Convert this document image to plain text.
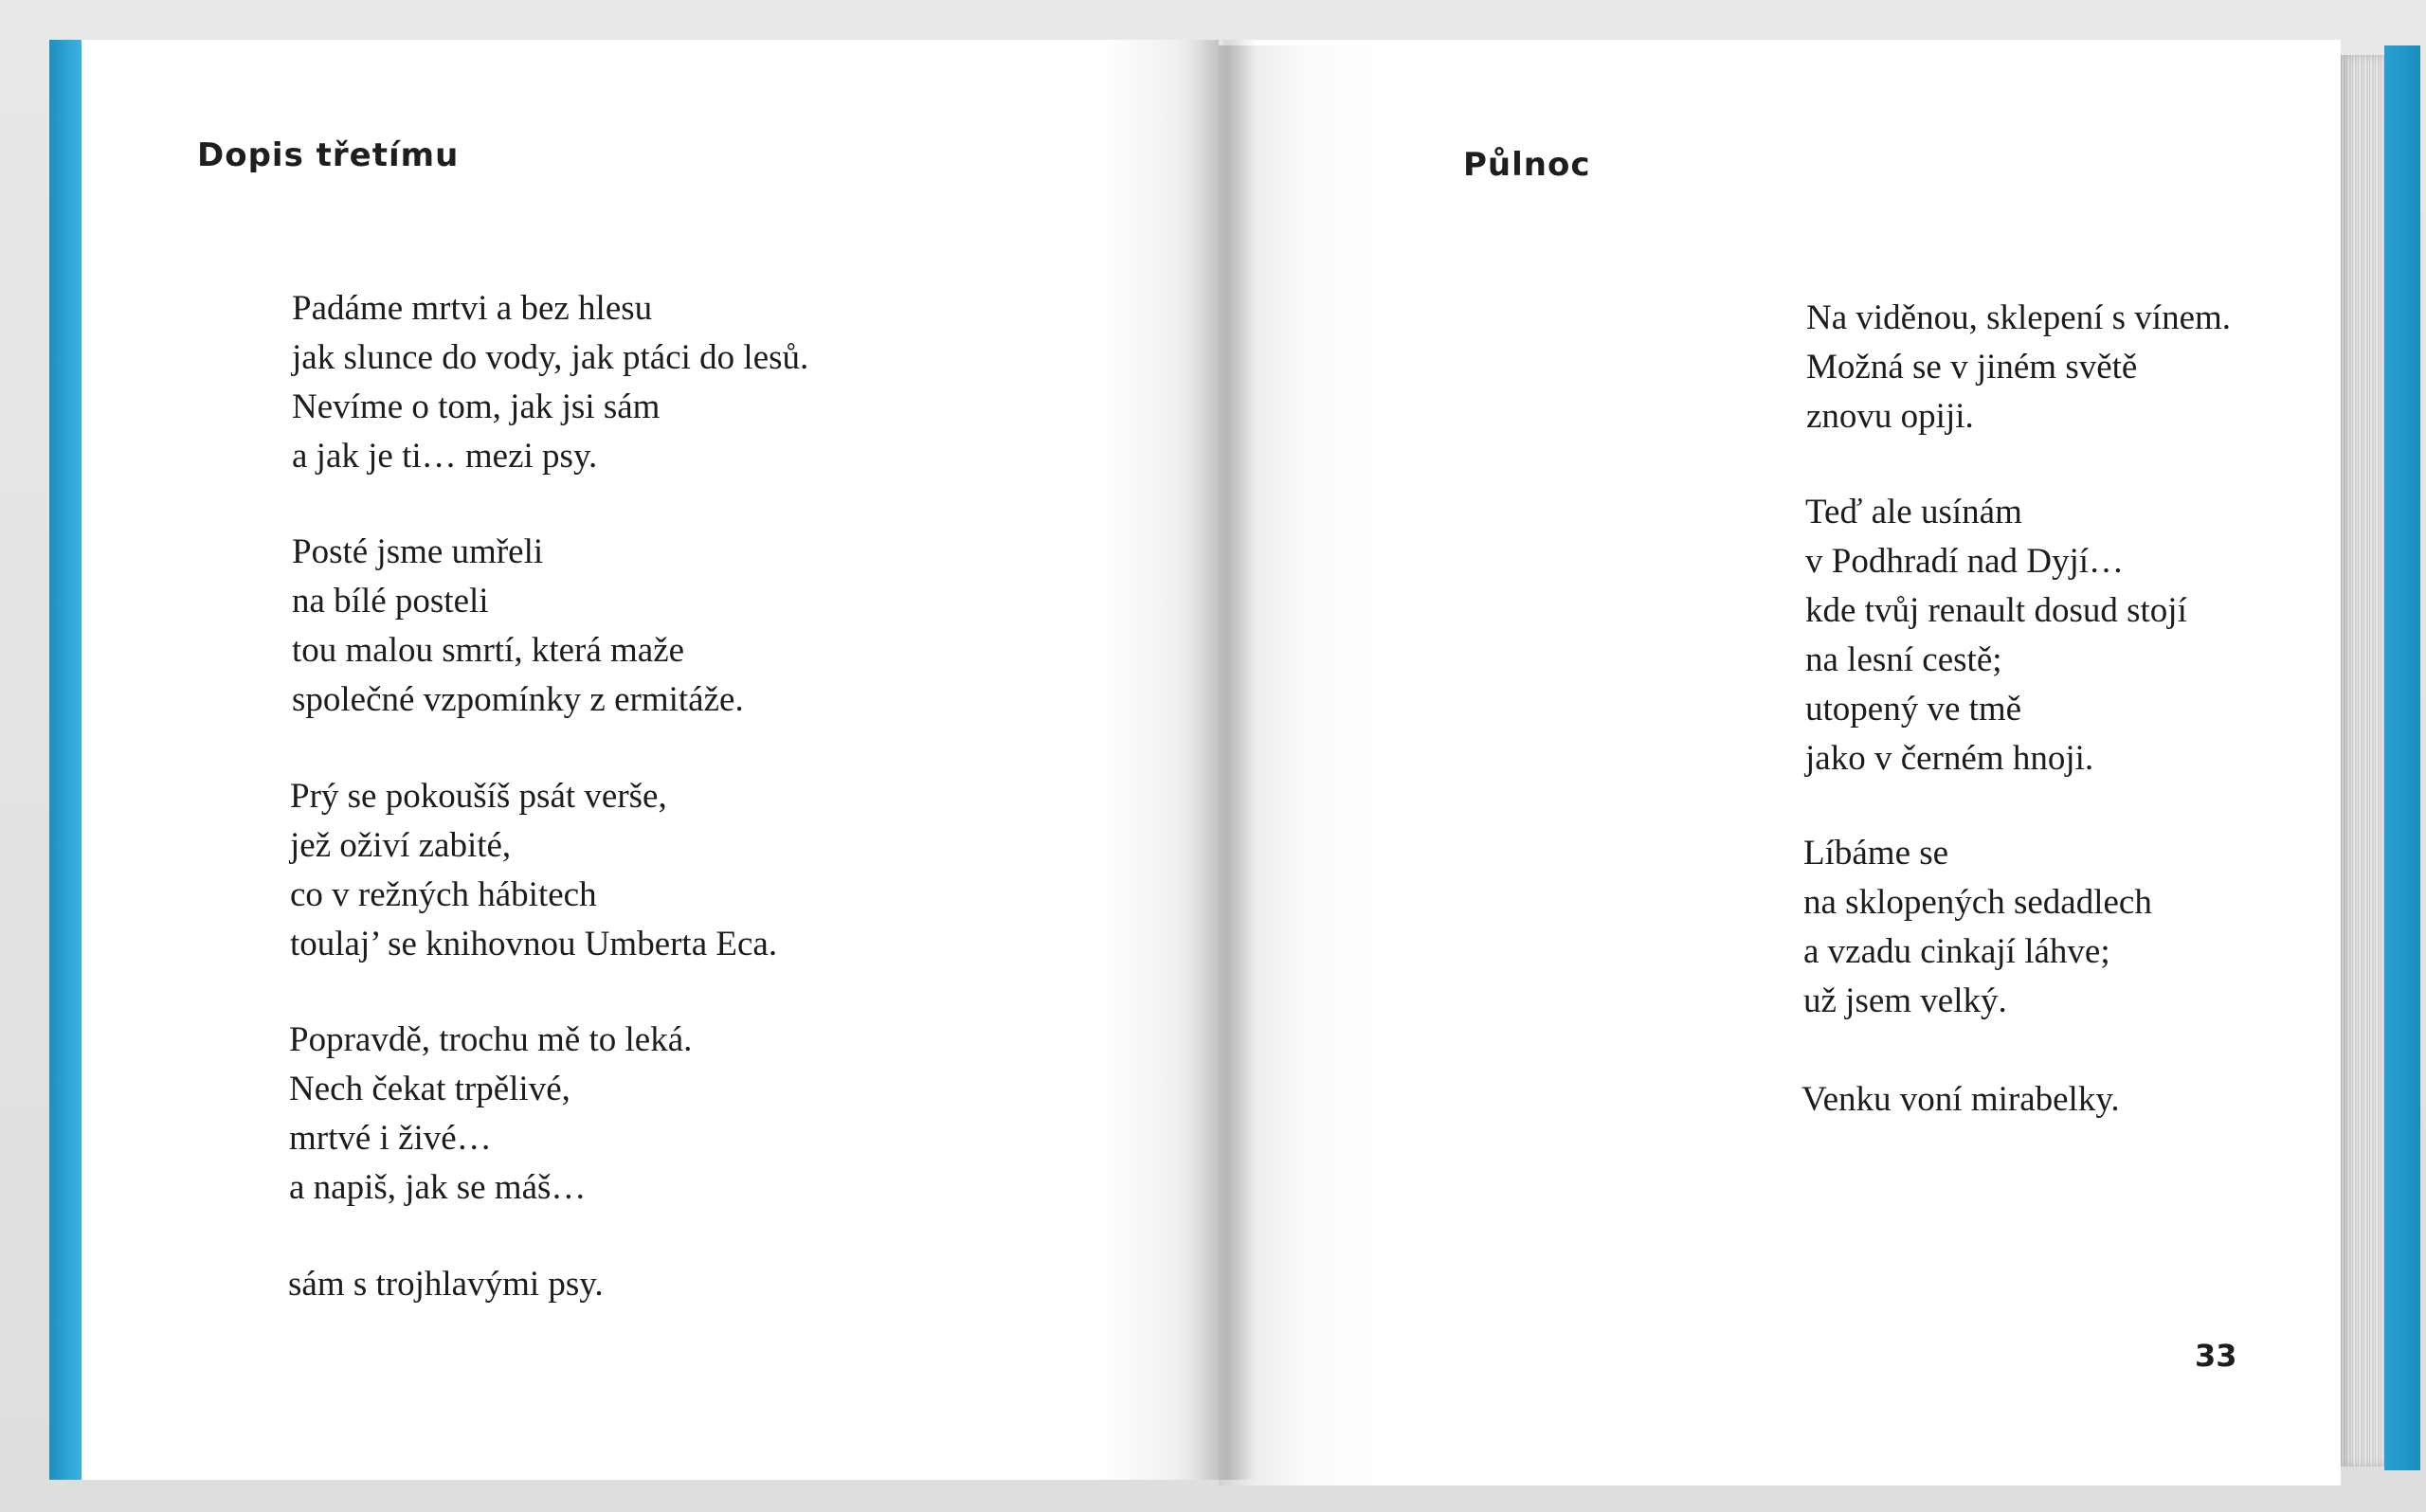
Dopis třetímu
Padáme mrtvi a bez hlesu
jak slunce do vody, jak ptáci do lesů.
Nevíme o tom, jak jsi sám
a jak je ti… mezi psy.
Posté jsme umřeli
na bílé posteli
tou malou smrtí, která maže
společné vzpomínky z ermitáže.
Prý se pokoušíš psát verše,
jež oživí zabité,
co v režných hábitech
toulaj’ se knihovnou Umberta Eca.
Popravdě, trochu mě to leká.
Nech čekat trpělivé,
mrtvé i živé…
a napiš, jak se máš…
sám s trojhlavými psy.
Půlnoc
Na viděnou, sklepení s vínem.
Možná se v jiném světě
znovu opiji.
Teď ale usínám
v Podhradí nad Dyjí…
kde tvůj renault dosud stojí
na lesní cestě;
utopený ve tmě
jako v černém hnoji.
Líbáme se
na sklopených sedadlech
a vzadu cinkají láhve;
už jsem velký.
Venku voní mirabelky.
33
